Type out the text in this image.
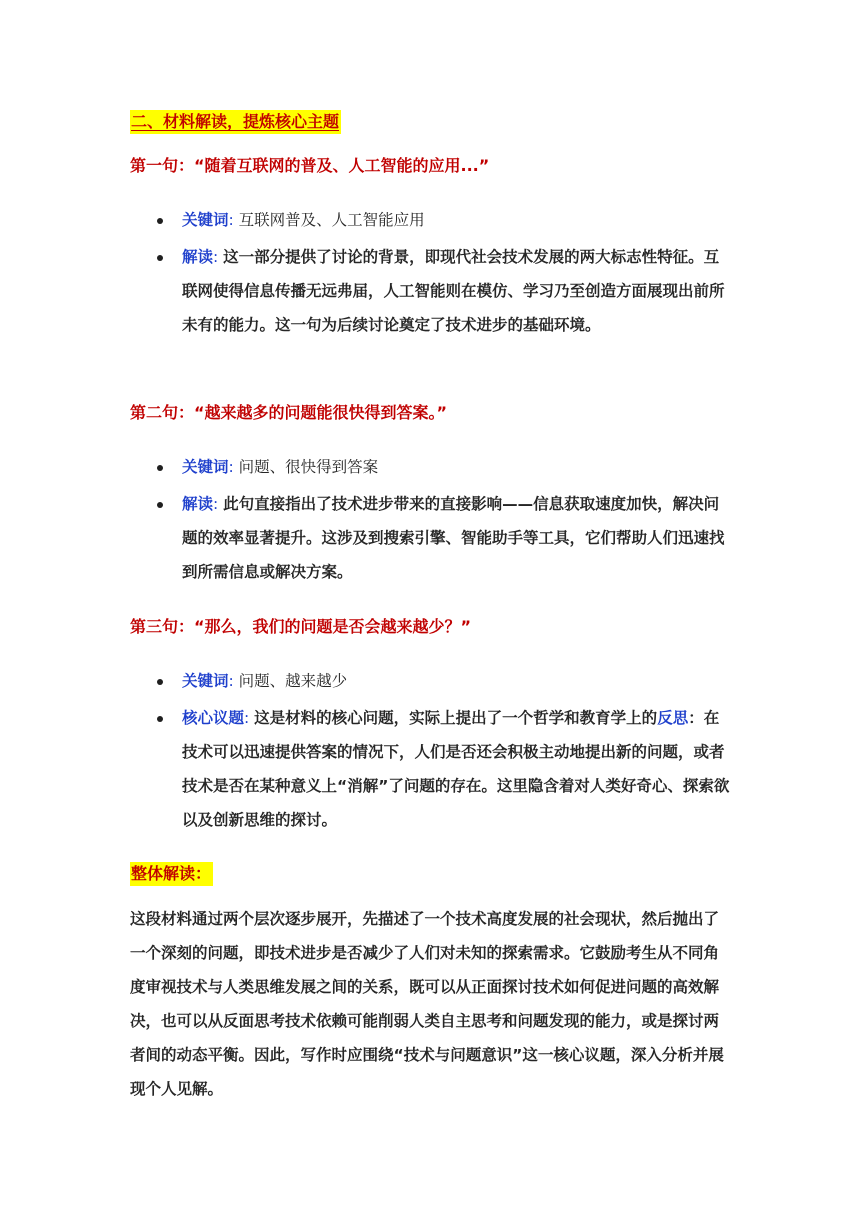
二、材料解读，提炼核心主题
第一句：“随着互联网的普及、人工智能的应用...”
关键词: 互联网普及、人工智能应用
解读: 这一部分提供了讨论的背景，即现代社会技术发展的两大标志性特征。互联网使得信息传播无远弗届，人工智能则在模仿、学习乃至创造方面展现出前所未有的能力。这一句为后续讨论奠定了技术进步的基础环境。
第二句：“越来越多的问题能很快得到答案。”
关键词: 问题、很快得到答案
解读: 此句直接指出了技术进步带来的直接影响——信息获取速度加快，解决问题的效率显著提升。这涉及到搜索引擎、智能助手等工具，它们帮助人们迅速找到所需信息或解决方案。
第三句：“那么，我们的问题是否会越来越少？”
关键词: 问题、越来越少
核心议题: 这是材料的核心问题，实际上提出了一个哲学和教育学上的反思：在技术可以迅速提供答案的情况下，人们是否还会积极主动地提出新的问题，或者技术是否在某种意义上“消解”了问题的存在。这里隐含着对人类好奇心、探索欲以及创新思维的探讨。
整体解读：

这段材料通过两个层次逐步展开，先描述了一个技术高度发展的社会现状，然后抛出了一个深刻的问题，即技术进步是否减少了人们对未知的探索需求。它鼓励考生从不同角度审视技术与人类思维发展之间的关系，既可以从正面探讨技术如何促进问题的高效解决，也可以从反面思考技术依赖可能削弱人类自主思考和问题发现的能力，或是探讨两者间的动态平衡。因此，写作时应围绕“技术与问题意识”这一核心议题，深入分析并展现个人见解。
